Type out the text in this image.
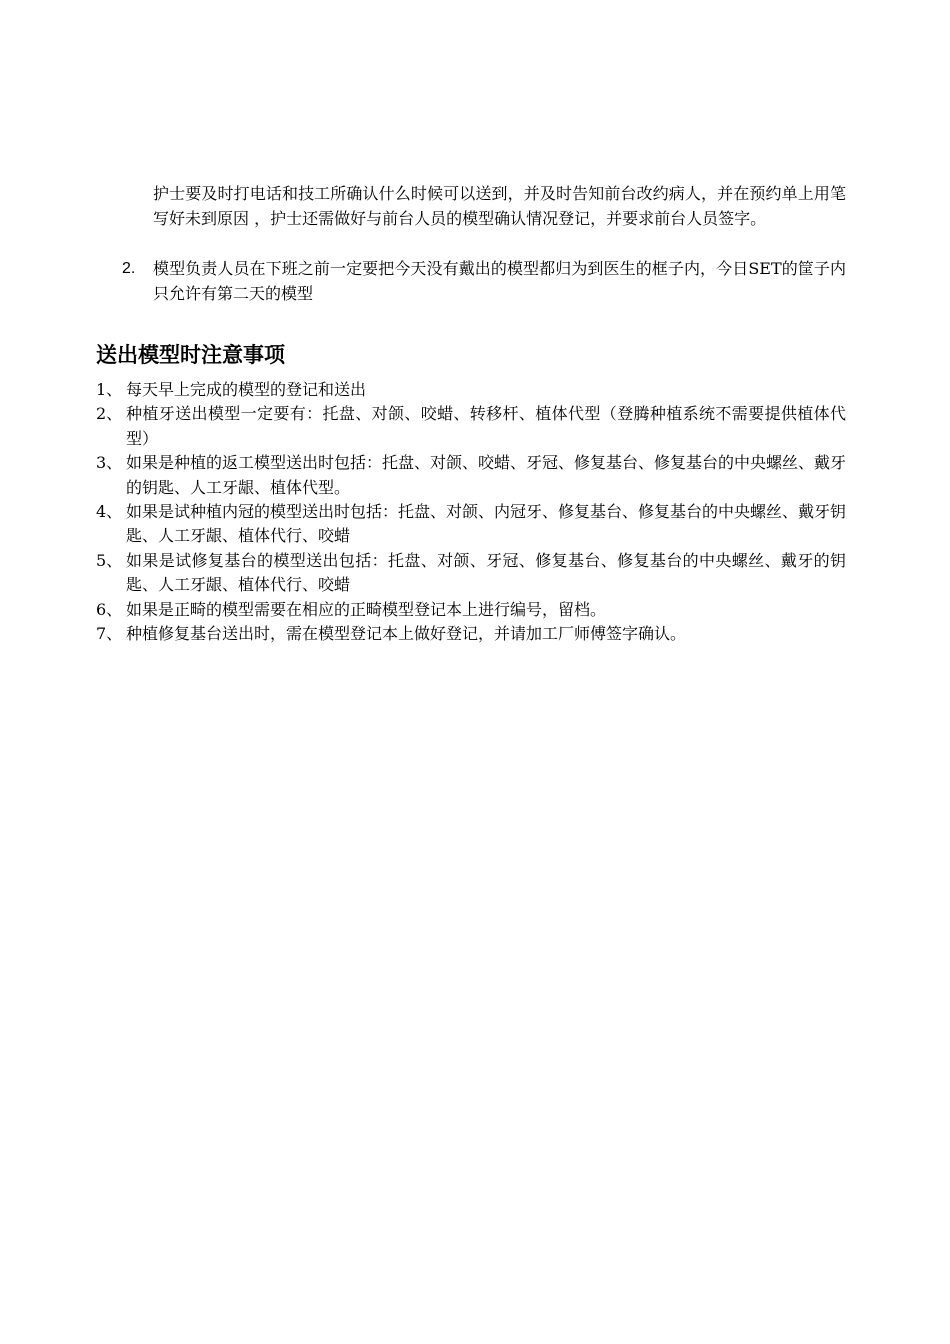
护士要及时打电话和技工所确认什么时候可以送到，并及时告知前台改约病人，并在预约单上用笔写好未到原因 ，护士还需做好与前台人员的模型确认情况登记，并要求前台人员签字。

2.	模型负责人员在下班之前一定要把今天没有戴出的模型都归为到医生的框子内，今日SET的筐子内只允许有第二天的模型
送出模型时注意事项
1、 每天早上完成的模型的登记和送出
2、 种植牙送出模型一定要有：托盘、对颌、咬蜡、转移杆、植体代型（登腾种植系统不需要提供植体代型）
3、 如果是种植的返工模型送出时包括：托盘、对颌、咬蜡、牙冠、修复基台、修复基台的中央螺丝、戴牙的钥匙、人工牙龈、植体代型。
4、 如果是试种植内冠的模型送出时包括：托盘、对颌、内冠牙、修复基台、修复基台的中央螺丝、戴牙钥匙、人工牙龈、植体代行、咬蜡
5、 如果是试修复基台的模型送出包括：托盘、对颌、牙冠、修复基台、修复基台的中央螺丝、戴牙的钥匙、人工牙龈、植体代行、咬蜡
6、 如果是正畸的模型需要在相应的正畸模型登记本上进行编号，留档。
7、 种植修复基台送出时，需在模型登记本上做好登记，并请加工厂师傅签字确认。
